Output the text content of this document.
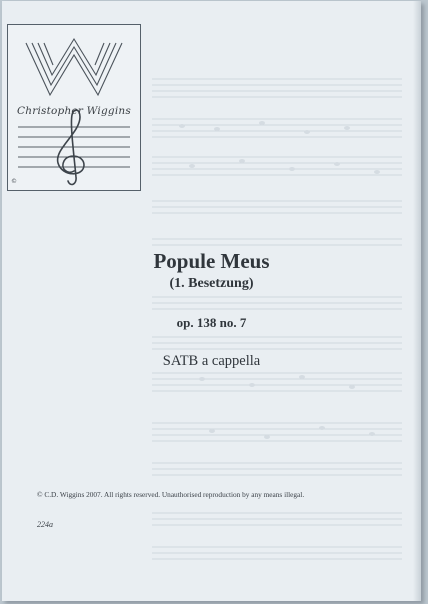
Christopher Wiggins
©
Popule Meus
(1. Besetzung)
op. 138 no. 7
SATB a cappella
© C.D. Wiggins 2007. All rights reserved. Unauthorised reproduction by any means illegal.
224a
